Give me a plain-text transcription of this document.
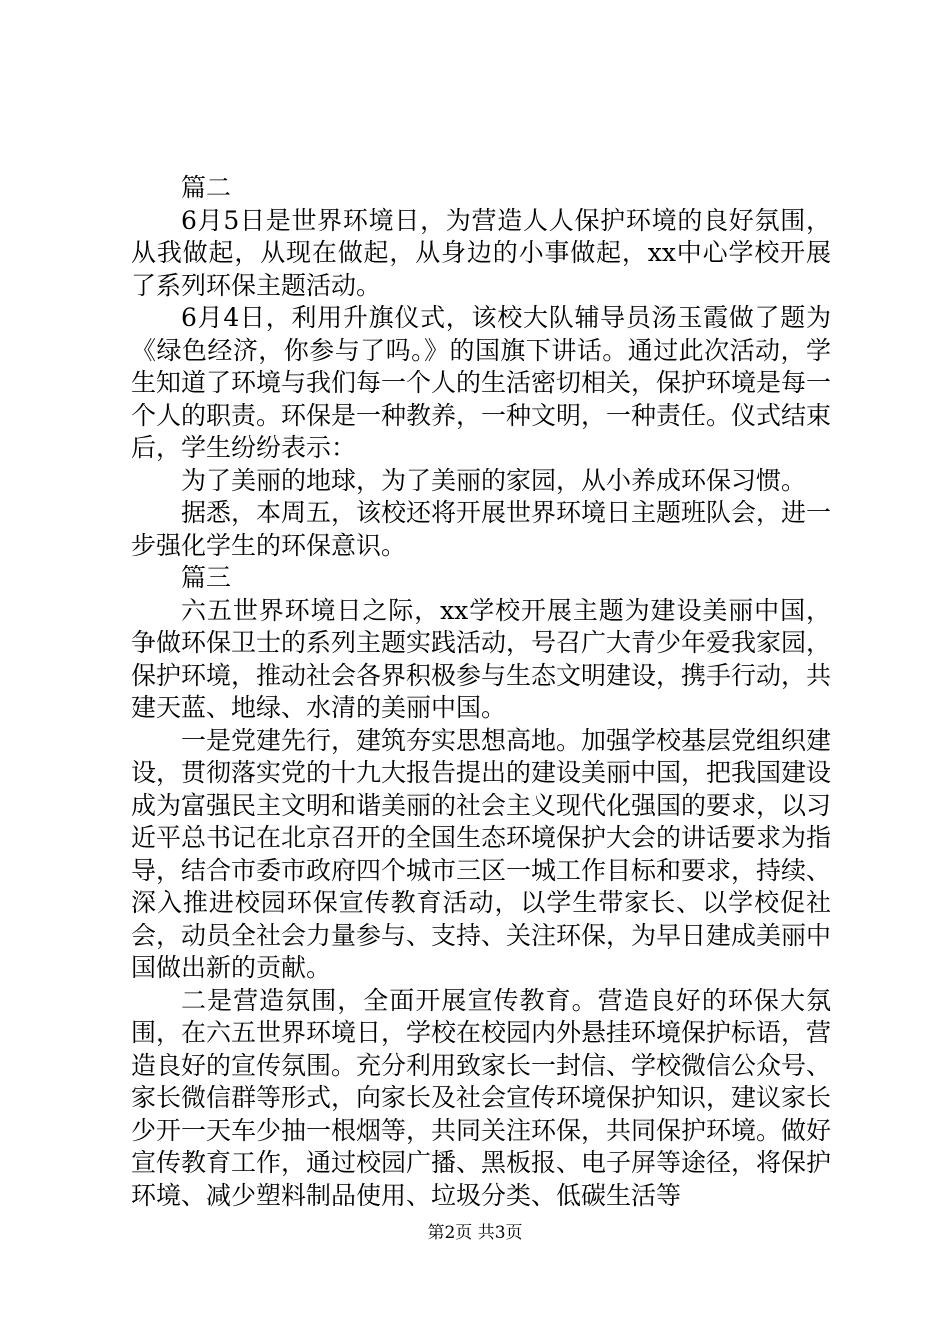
篇二

6月5日是世界环境日，为营造人人保护环境的良好氛围，从我做起，从现在做起，从身边的小事做起，xx中心学校开展了系列环保主题活动。

6月4日，利用升旗仪式，该校大队辅导员汤玉霞做了题为《绿色经济，你参与了吗。》的国旗下讲话。通过此次活动，学生知道了环境与我们每一个人的生活密切相关，保护环境是每一个人的职责。环保是一种教养，一种文明，一种责任。仪式结束后，学生纷纷表示：

为了美丽的地球，为了美丽的家园，从小养成环保习惯。

据悉，本周五，该校还将开展世界环境日主题班队会，进一步强化学生的环保意识。

篇三

六五世界环境日之际，xx学校开展主题为建设美丽中国，争做环保卫士的系列主题实践活动，号召广大青少年爱我家园，保护环境，推动社会各界积极参与生态文明建设，携手行动，共建天蓝、地绿、水清的美丽中国。

一是党建先行，建筑夯实思想高地。加强学校基层党组织建设，贯彻落实党的十九大报告提出的建设美丽中国，把我国建设成为富强民主文明和谐美丽的社会主义现代化强国的要求，以习近平总书记在北京召开的全国生态环境保护大会的讲话要求为指导，结合市委市政府四个城市三区一城工作目标和要求，持续、深入推进校园环保宣传教育活动，以学生带家长、以学校促社会，动员全社会力量参与、支持、关注环保，为早日建成美丽中国做出新的贡献。

二是营造氛围，全面开展宣传教育。营造良好的环保大氛围，在六五世界环境日，学校在校园内外悬挂环境保护标语，营造良好的宣传氛围。充分利用致家长一封信、学校微信公众号、家长微信群等形式，向家长及社会宣传环境保护知识，建议家长少开一天车少抽一根烟等，共同关注环保，共同保护环境。做好宣传教育工作，通过校园广播、黑板报、电子屏等途径，将保护环境、减少塑料制品使用、垃圾分类、低碳生活等

第2页 共3页
